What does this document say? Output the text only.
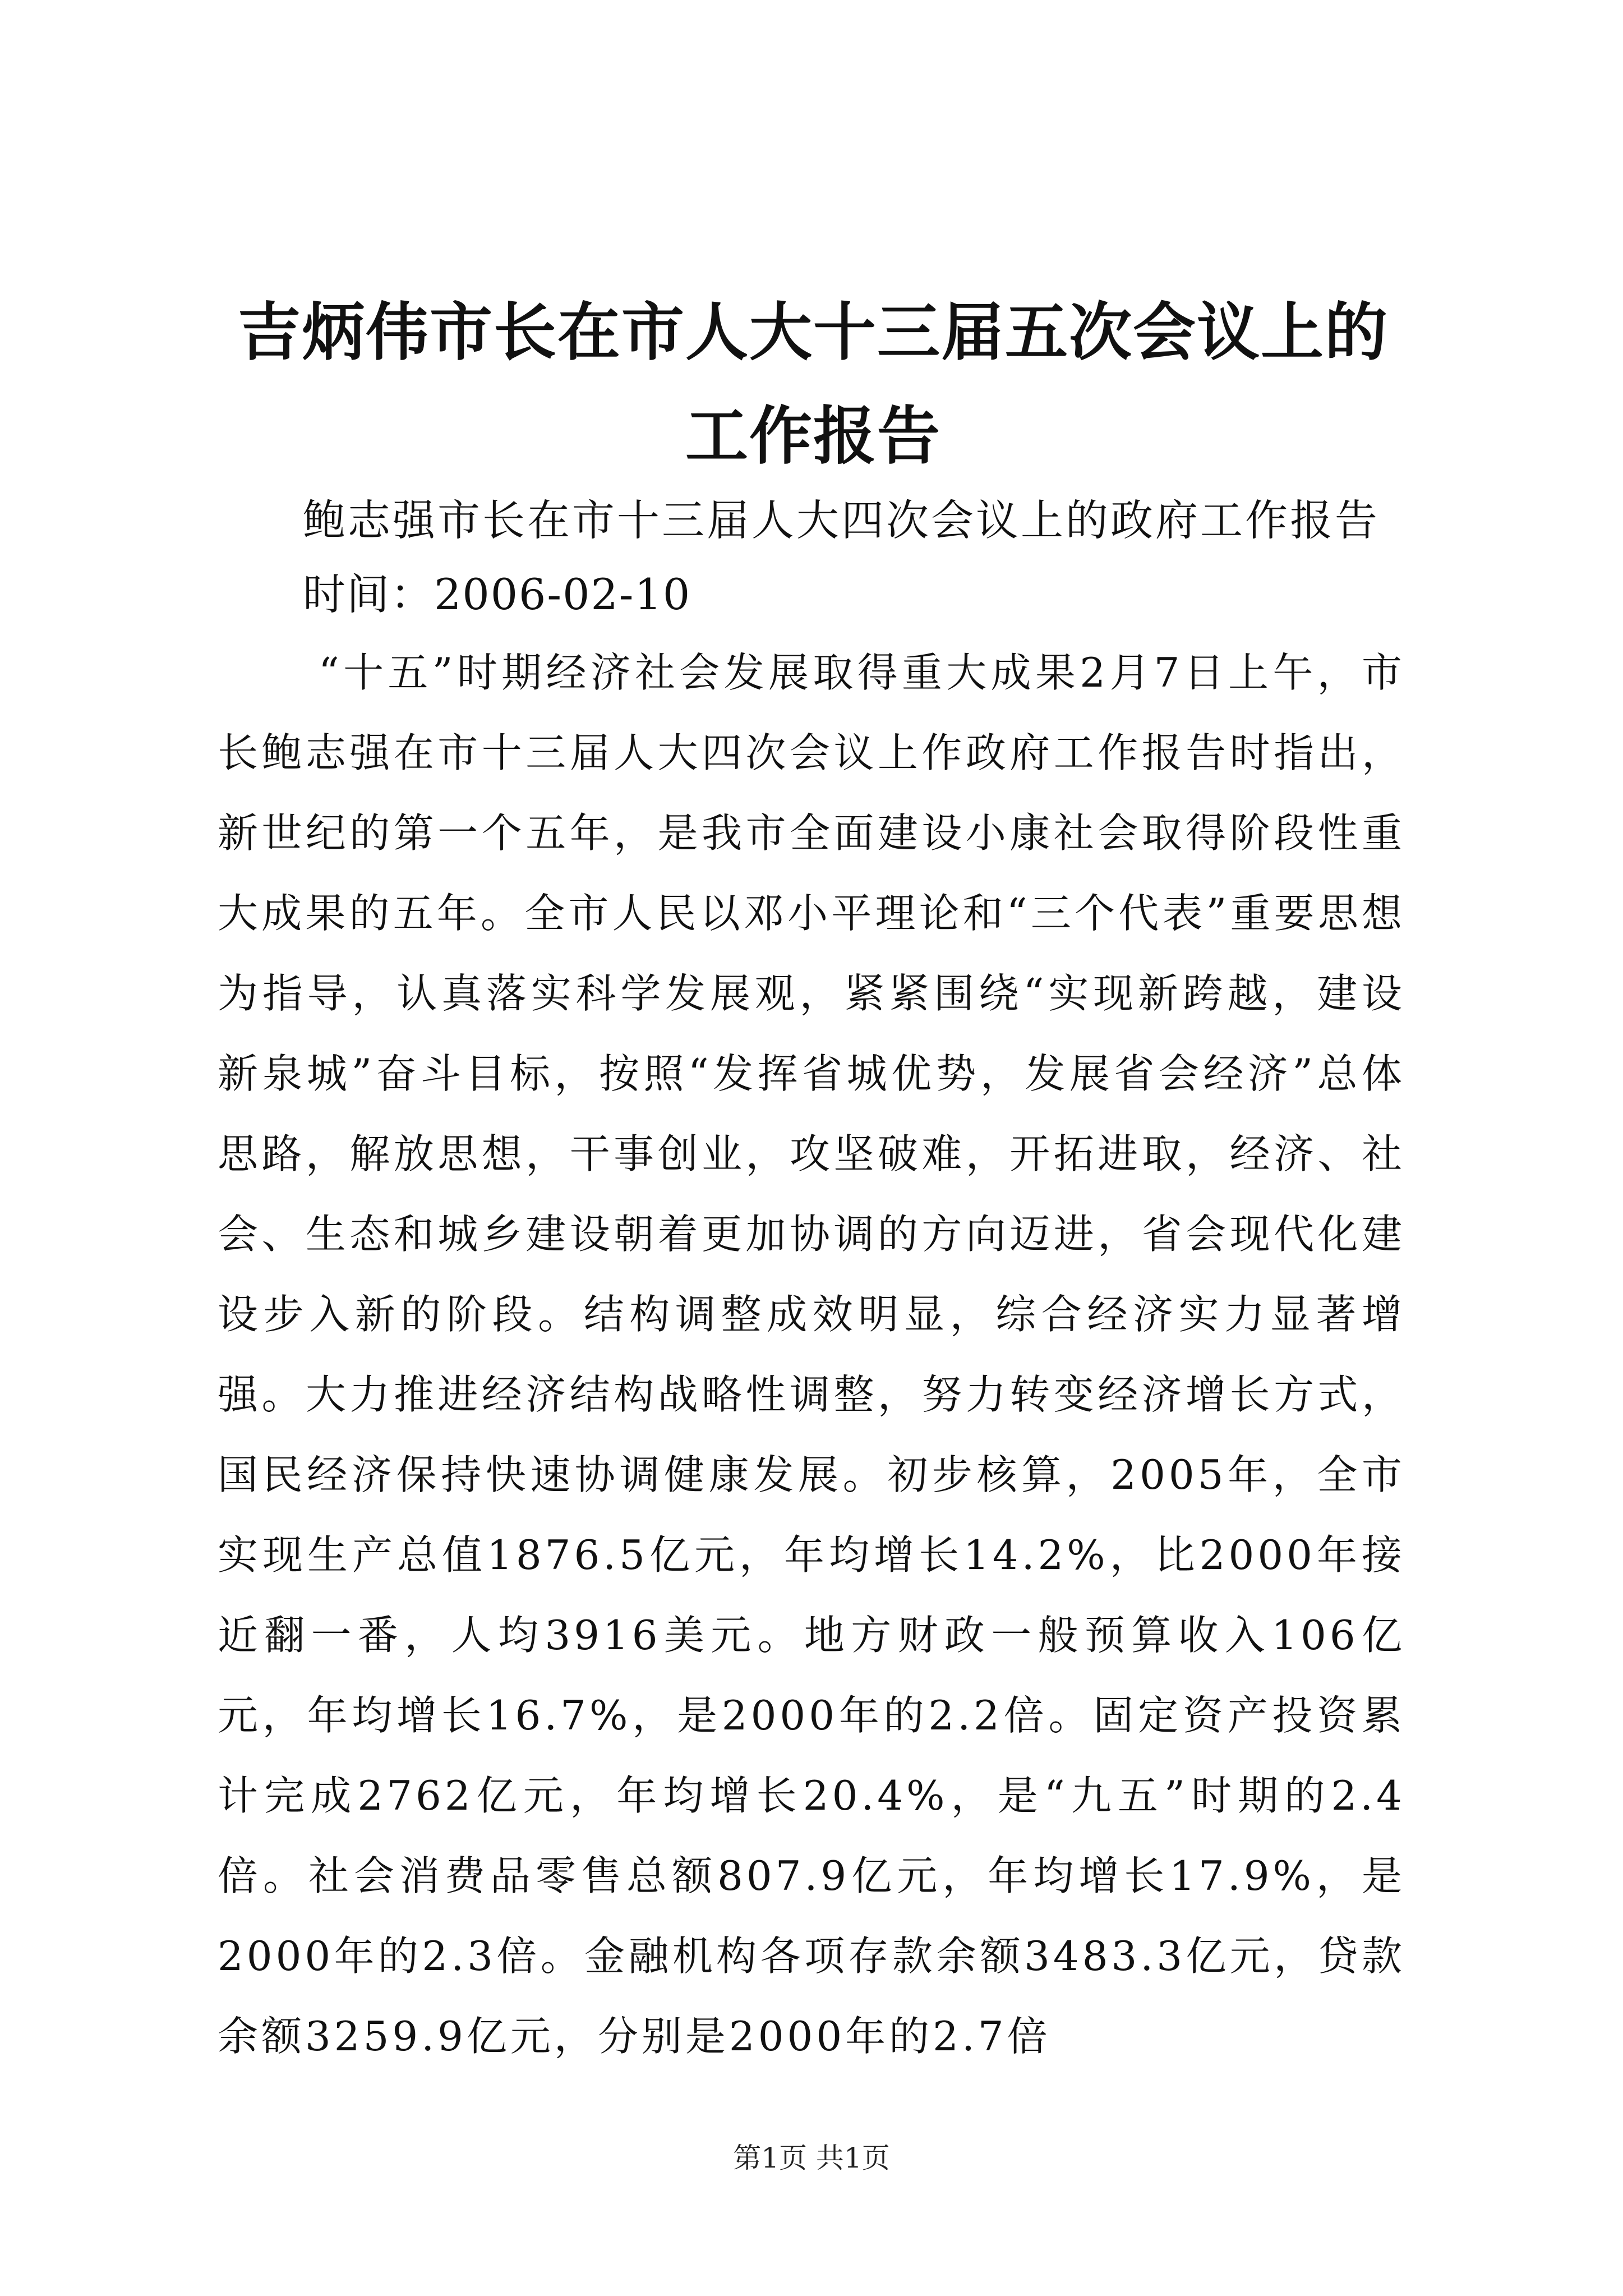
吉炳伟市长在市人大十三届五次会议上的工作报告

鲍志强市长在市十三届人大四次会议上的政府工作报告

时间：2006-02-10

“十五”时期经济社会发展取得重大成果2月7日上午，市长鲍志强在市十三届人大四次会议上作政府工作报告时指出，新世纪的第一个五年，是我市全面建设小康社会取得阶段性重大成果的五年。全市人民以邓小平理论和“三个代表”重要思想为指导，认真落实科学发展观，紧紧围绕“实现新跨越，建设新泉城”奋斗目标，按照“发挥省城优势，发展省会经济”总体思路，解放思想，干事创业，攻坚破难，开拓进取，经济、社会、生态和城乡建设朝着更加协调的方向迈进，省会现代化建设步入新的阶段。结构调整成效明显，综合经济实力显著增强。大力推进经济结构战略性调整，努力转变经济增长方式，国民经济保持快速协调健康发展。初步核算，2005年，全市实现生产总值1876.5亿元，年均增长14.2%，比2000年接近翻一番，人均3916美元。地方财政一般预算收入106亿元，年均增长16.7%，是2000年的2.2倍。固定资产投资累计完成2762亿元，年均增长20.4%，是“九五”时期的2.4倍。社会消费品零售总额807.9亿元，年均增长17.9%，是2000年的2.3倍。金融机构各项存款余额3483.3亿元，贷款余额3259.9亿元，分别是2000年的2.7倍

第1页 共1页
